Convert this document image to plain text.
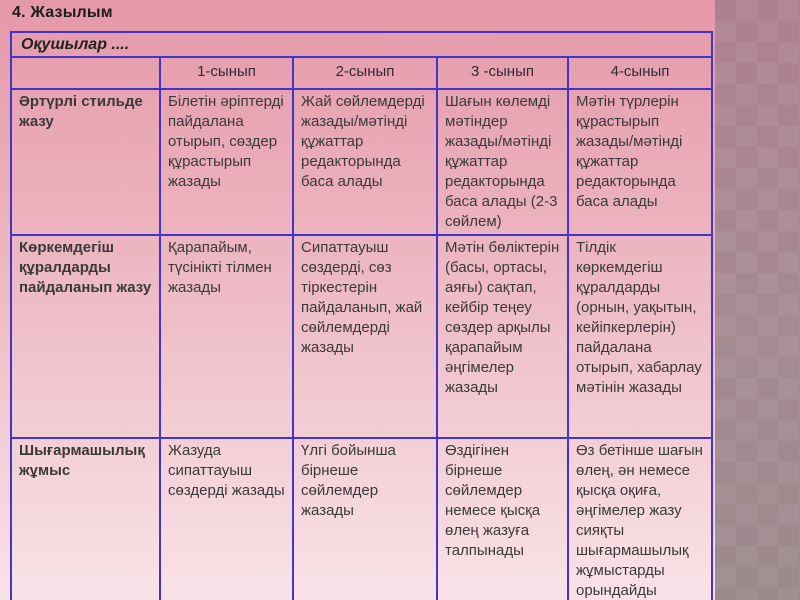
4. Жазылым
Оқушылар ....				
	1-сынып	2-сынып	3 -сынып	4-сынып
Әртүрлі стильде жазу	Білетін әріптерді пайдалана отырып, сөздер құрастырып жазады	Жай сөйлемдерді жазады/мәтінді құжаттар редакторында баса алады	Шағын көлемді мәтіндер жазады/мәтінді құжаттар редакторында баса алады (2-3 сөйлем)	Мәтін түрлерін құрастырып жазады/мәтінді құжаттар редакторында баса алады
Көркемдегіш құралдарды пайдаланып жазу	Қарапайым, түсінікті тілмен жазады	Сипаттауыш сөздерді, сөз тіркестерін пайдаланып, жай сөйлемдерді жазады	Мәтін бөліктерін (басы, ортасы, аяғы) сақтап, кейбір теңеу сөздер арқылы қарапайым әңгімелер жазады	Тілдік көркемдегіш құралдарды (орнын, уақытын, кейіпкерлерін) пайдалана отырып, хабарлау мәтінін жазады
Шығармашылық жұмыс	Жазуда сипаттауыш сөздерді жазады	Үлгі бойынша бірнеше сөйлемдер жазады	Өздігінен бірнеше сөйлемдер немесе қысқа өлең жазуға талпынады	Өз бетінше шағын өлең, ән немесе қысқа оқиға, әңгімелер жазу сияқты шығармашылық жұмыстарды орындайды
